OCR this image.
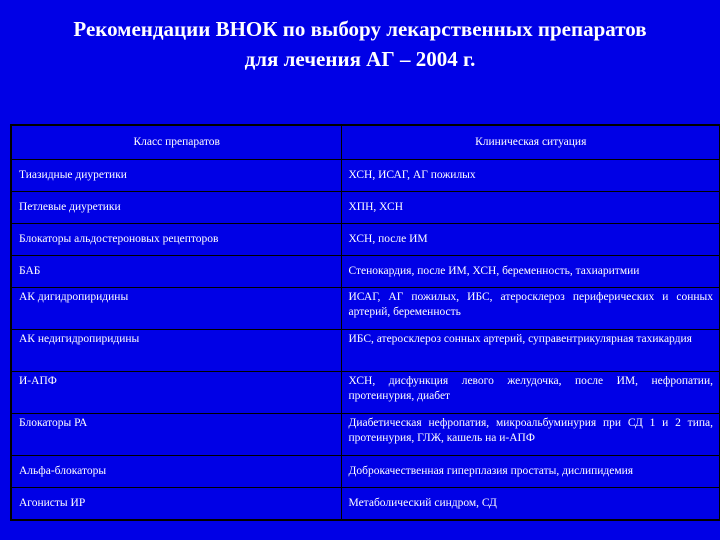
Рекомендации ВНОК по выбору лекарственных препаратов
для лечения АГ – 2004 г.
Класс препаратов	Клиническая ситуация
Тиазидные диуретики	ХСН, ИСАГ, АГ пожилых
Петлевые диуретики	ХПН, ХСН
Блокаторы альдостероновых рецепторов	ХСН, после ИМ
БАБ	Стенокардия, после ИМ, ХСН, беременность, тахиаритмии
АК дигидропиридины	ИСАГ, АГ пожилых, ИБС, атеросклероз периферических и сонных артерий, беременность
АК недигидропиридины	ИБС, атеросклероз сонных артерий, суправентрикулярная тахикардия
И-АПФ	ХСН, дисфункция левого желудочка, после ИМ, нефропатии, протеинурия, диабет
Блокаторы РА	Диабетическая нефропатия, микроальбуминурия при СД 1 и 2 типа, протеинурия, ГЛЖ, кашель на и-АПФ
Альфа-блокаторы	Доброкачественная гиперплазия простаты, дислипидемия
Агонисты ИР	Метаболический синдром, СД
